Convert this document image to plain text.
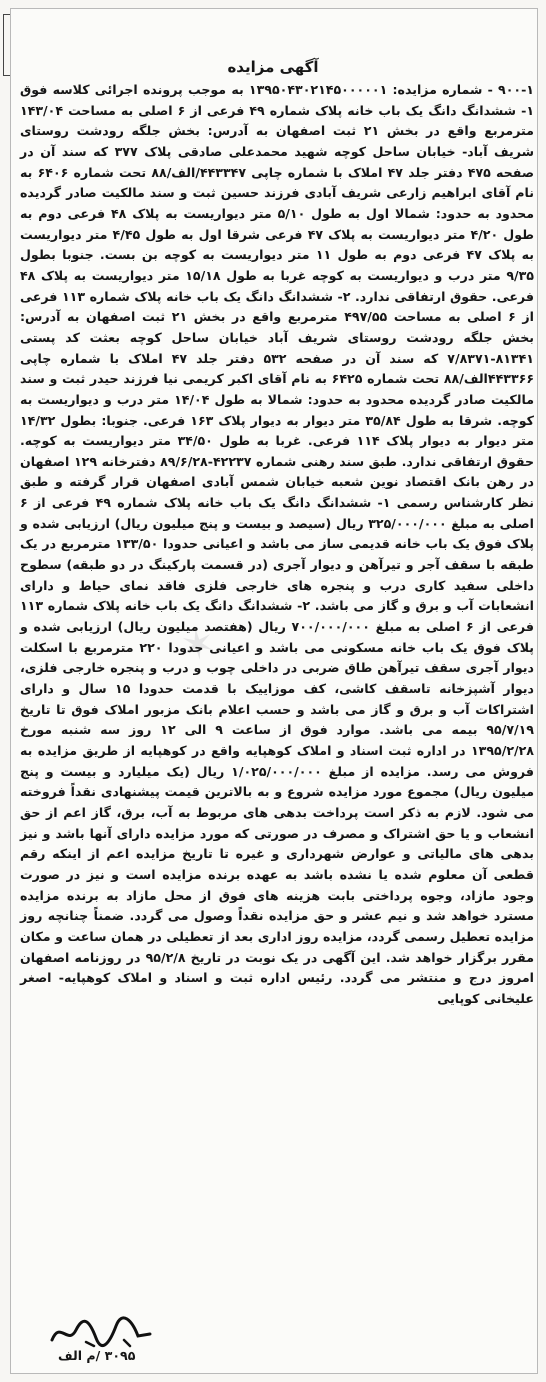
✶
آگهی مزایده
۹۰۰-۱ - شماره مزایده: ۱۳۹۵۰۴۳۰۲۱۴۵۰۰۰۰۰۱ به موجب پرونده اجرائی کلاسه فوق ۱- ششدانگ دانگ یک باب خانه پلاک شماره ۴۹ فرعی از ۶ اصلی به مساحت ۱۴۳/۰۴ مترمربع واقع در بخش ۲۱ ثبت اصفهان به آدرس: بخش جلگه رودشت روستای شریف آباد- خیابان ساحل کوچه شهید محمدعلی صادقی پلاک ۳۷۷ که سند آن در صفحه ۴۷۵ دفتر جلد ۴۷ املاک با شماره چاپی ۴۴۳۳۴۷/الف/۸۸ تحت شماره ۶۴۰۶ به نام آقای ابراهیم زارعی شریف آبادی فرزند حسین ثبت و سند مالکیت صادر گردیده محدود به حدود: شمالا اول به طول ۵/۱۰ متر دیواریست به پلاک ۴۸ فرعی دوم به طول ۴/۲۰ متر دیواریست به پلاک ۴۷ فرعی شرقا اول به طول ۴/۴۵ متر دیواریست به پلاک ۴۷ فرعی دوم به طول ۱۱ متر دیواریست به کوچه بن بست. جنوبا بطول ۹/۳۵ متر درب و دیواریست به کوچه غربا به طول ۱۵/۱۸ متر دیواریست به پلاک ۴۸ فرعی. حقوق ارتفاقی ندارد. ۲- ششدانگ دانگ یک باب خانه پلاک شماره ۱۱۳ فرعی از ۶ اصلی به مساحت ۴۹۷/۵۵ مترمربع واقع در بخش ۲۱ ثبت اصفهان به آدرس: بخش جلگه رودشت روستای شریف آباد خیابان ساحل کوچه بعثت کد پستی ۸۱۳۴۱-۷/۸۳۷۱ که سند آن در صفحه ۵۳۲ دفتر جلد ۴۷ املاک با شماره چاپی ۴۴۳۳۶۶الف/۸۸ تحت شماره ۶۴۲۵ به نام آقای اکبر کریمی نیا فرزند حیدر ثبت و سند مالکیت صادر گردیده محدود به حدود: شمالا به طول ۱۴/۰۴ متر درب و دیواریست به کوچه. شرقا به طول ۳۵/۸۴ متر دیوار به دیوار پلاک ۱۶۳ فرعی. جنوبا: بطول ۱۴/۳۲ متر دیوار به دیوار پلاک ۱۱۴ فرعی. غربا به طول ۳۴/۵۰ متر دیواریست به کوچه. حقوق ارتفاقی ندارد. طبق سند رهنی شماره ۴۲۲۳۷-۸۹/۶/۲۸ دفترخانه ۱۲۹ اصفهان در رهن بانک اقتصاد نوین شعبه خیابان شمس آبادی اصفهان قرار گرفته و طبق نظر کارشناس رسمی ۱- ششدانگ دانگ یک باب خانه پلاک شماره ۴۹ فرعی از ۶ اصلی به مبلغ ۳۲۵/۰۰۰/۰۰۰ ریال (سیصد و بیست و پنج میلیون ریال) ارزیابی شده و پلاک فوق یک باب خانه قدیمی ساز می باشد و اعیانی حدودا ۱۳۳/۵۰ مترمربع در یک طبقه با سقف آجر و تیرآهن و دیوار آجری (در قسمت پارکینگ در دو طبقه) سطوح داخلی سفید کاری درب و پنجره های خارجی فلزی فاقد نمای حیاط و دارای انشعابات آب و برق و گاز می باشد. ۲- ششدانگ دانگ یک باب خانه پلاک شماره ۱۱۳ فرعی از ۶ اصلی به مبلغ ۷۰۰/۰۰۰/۰۰۰ ریال (هفتصد میلیون ریال) ارزیابی شده و پلاک فوق یک باب خانه مسکونی می باشد و اعیانی حدودا ۲۲۰ مترمربع با اسکلت دیوار آجری سقف تیرآهن طاق ضربی در داخلی چوب و درب و پنجره خارجی فلزی، دیوار آشپزخانه تاسقف کاشی، کف موزاییک با قدمت حدودا ۱۵ سال و دارای اشتراکات آب و برق و گاز می باشد و حسب اعلام بانک مزبور املاک فوق تا تاریخ ۹۵/۷/۱۹ بیمه می باشد. موارد فوق از ساعت ۹ الی ۱۲ روز سه شنبه مورخ ۱۳۹۵/۲/۲۸ در اداره ثبت اسناد و املاک کوهپایه واقع در کوهپایه از طریق مزایده به فروش می رسد. مزایده از مبلغ ۱/۰۲۵/۰۰۰/۰۰۰ ریال (یک میلیارد و بیست و پنج میلیون ریال) مجموع مورد مزایده شروع و به بالاترین قیمت پیشنهادی نقداً فروخته می شود. لازم به ذکر است پرداخت بدهی های مربوط به آب، برق، گاز اعم از حق انشعاب و یا حق اشتراک و مصرف در صورتی که مورد مزایده دارای آنها باشد و نیز بدهی های مالیاتی و عوارض شهرداری و غیره تا تاریخ مزایده اعم از اینکه رقم قطعی آن معلوم شده یا نشده باشد به عهده برنده مزایده است و نیز در صورت وجود مازاد، وجوه پرداختی بابت هزینه های فوق از محل مازاد به برنده مزایده مسترد خواهد شد و نیم عشر و حق مزایده نقداً وصول می گردد. ضمناً چنانچه روز مزایده تعطیل رسمی گردد، مزایده روز اداری بعد از تعطیلی در همان ساعت و مکان مقرر برگزار خواهد شد. این آگهی در یک نوبت در تاریخ ۹۵/۲/۸ در روزنامه اصفهان امروز درج و منتشر می گردد. رئیس اداره ثبت و اسناد و املاک کوهپایه- اصغر علیخانی کوپایی
۳۰۹۵ /م الف
